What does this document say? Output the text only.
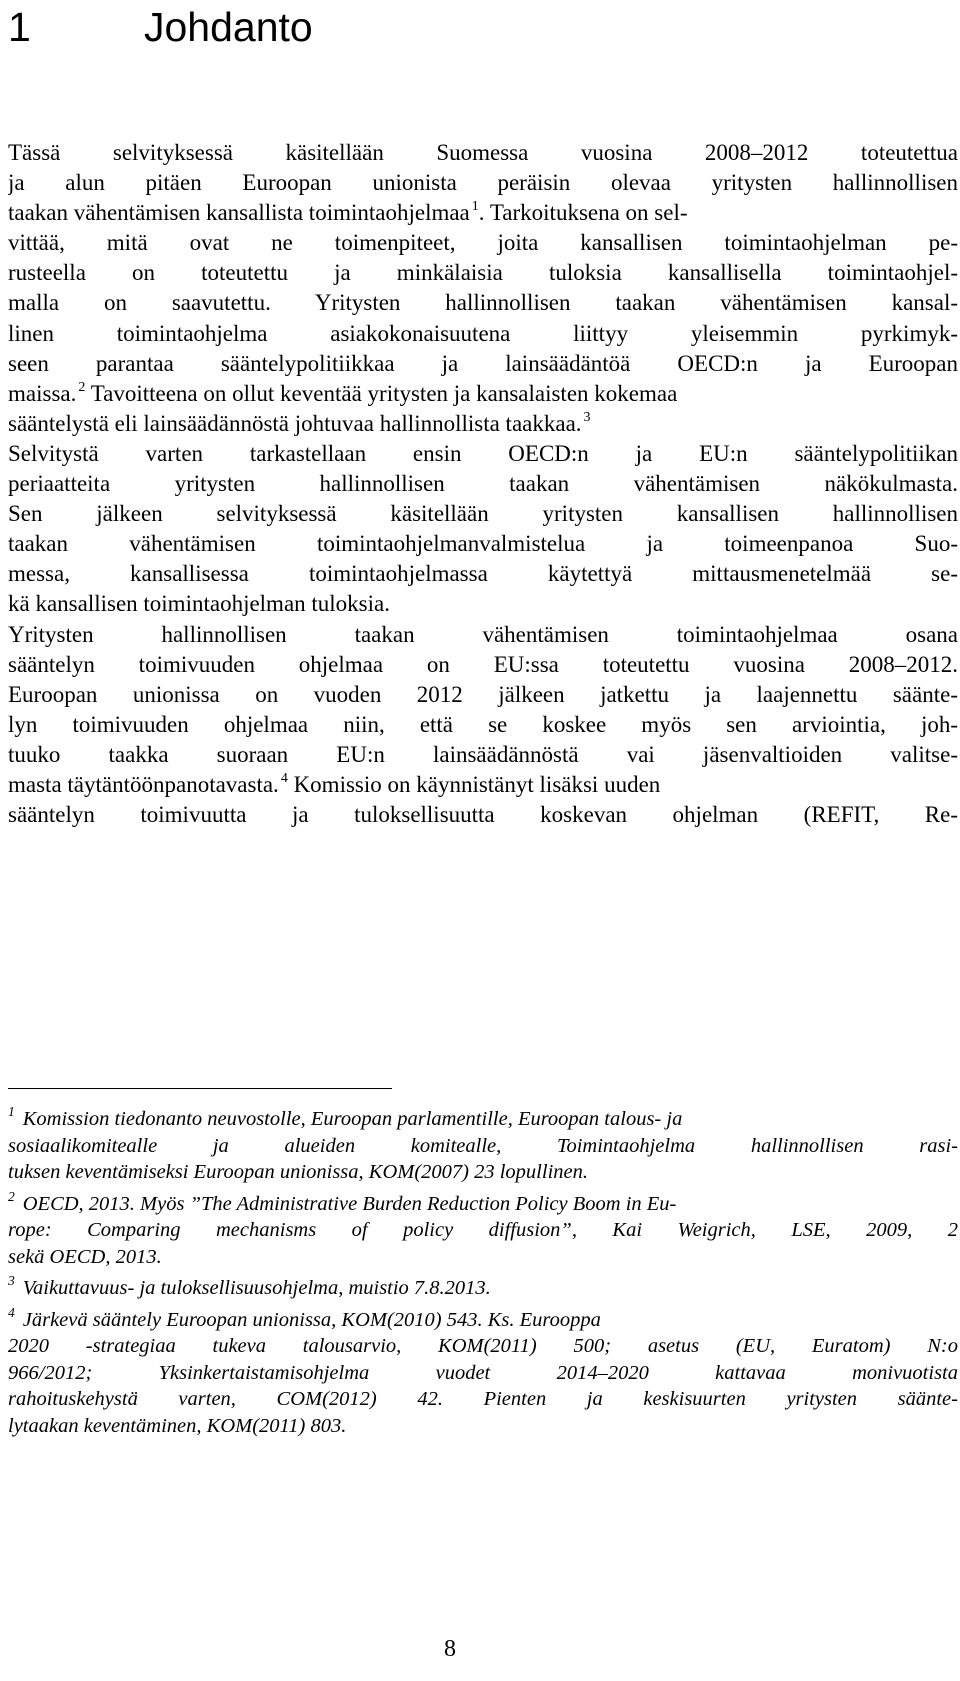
1	Johdanto
Tässä selvityksessä käsitellään Suomessa vuosina 2008–2012 toteutettua
ja alun pitäen Euroopan unionista peräisin olevaa yritysten hallinnollisen
taakan vähentämisen kansallista toimintaohjelmaa $^1$. Tarkoituksena on sel-
vittää, mitä ovat ne toimenpiteet, joita kansallisen toimintaohjelman pe-
rusteella on toteutettu ja minkälaisia tuloksia kansallisella toimintaohjel-
malla on saavutettu. Yritysten hallinnollisen taakan vähentämisen kansal-
linen toimintaohjelma asiakokonaisuutena liittyy yleisemmin pyrkimyk-
seen parantaa sääntelypolitiikkaa ja lainsäädäntöä OECD:n ja Euroopan
maissa. $^2$ Tavoitteena on ollut keventää yritysten ja kansalaisten kokemaa
sääntelystä eli lainsäädännöstä johtuvaa hallinnollista taakkaa. $^3$
Selvitystä varten tarkastellaan ensin OECD:n ja EU:n sääntelypolitiikan
periaatteita yritysten hallinnollisen taakan vähentämisen näkökulmasta.
Sen jälkeen selvityksessä käsitellään yritysten kansallisen hallinnollisen
taakan vähentämisen toimintaohjelmanvalmistelua ja toimeenpanoa Suo-
messa, kansallisessa toimintaohjelmassa käytettyä mittausmenetelmää se-
kä kansallisen toimintaohjelman tuloksia.
Yritysten hallinnollisen taakan vähentämisen toimintaohjelmaa osana
sääntelyn toimivuuden ohjelmaa on EU:ssa toteutettu vuosina 2008–2012.
Euroopan unionissa on vuoden 2012 jälkeen jatkettu ja laajennettu säänte-
lyn toimivuuden ohjelmaa niin, että se koskee myös sen arviointia, joh-
tuuko taakka suoraan EU:n lainsäädännöstä vai jäsenvaltioiden valitse-
masta täytäntöönpanotavasta. $^4$ Komissio on käynnistänyt lisäksi uuden
sääntelyn toimivuutta ja tuloksellisuutta koskevan ohjelman (REFIT, Re-
$^1$ Komission tiedonanto neuvostolle, Euroopan parlamentille, Euroopan talous- ja
sosiaalikomitealle ja alueiden komitealle, Toimintaohjelma hallinnollisen rasi-
tuksen keventämiseksi Euroopan unionissa, KOM(2007) 23 lopullinen.
$^2$ OECD, 2013. Myös ”The Administrative Burden Reduction Policy Boom in Eu-
rope: Comparing mechanisms of policy diffusion”, Kai Weigrich, LSE, 2009, 2
sekä OECD, 2013.
$^3$ Vaikuttavuus- ja tuloksellisuusohjelma, muistio 7.8.2013.
$^4$ Järkevä sääntely Euroopan unionissa, KOM(2010) 543. Ks. Eurooppa
2020 -strategiaa tukeva talousarvio, KOM(2011) 500; asetus (EU, Euratom) N:o
966/2012; Yksinkertaistamisohjelma vuodet 2014–2020 kattavaa monivuotista
rahoituskehystä varten, COM(2012) 42. Pienten ja keskisuurten yritysten säänte-
lytaakan keventäminen, KOM(2011) 803.
8
